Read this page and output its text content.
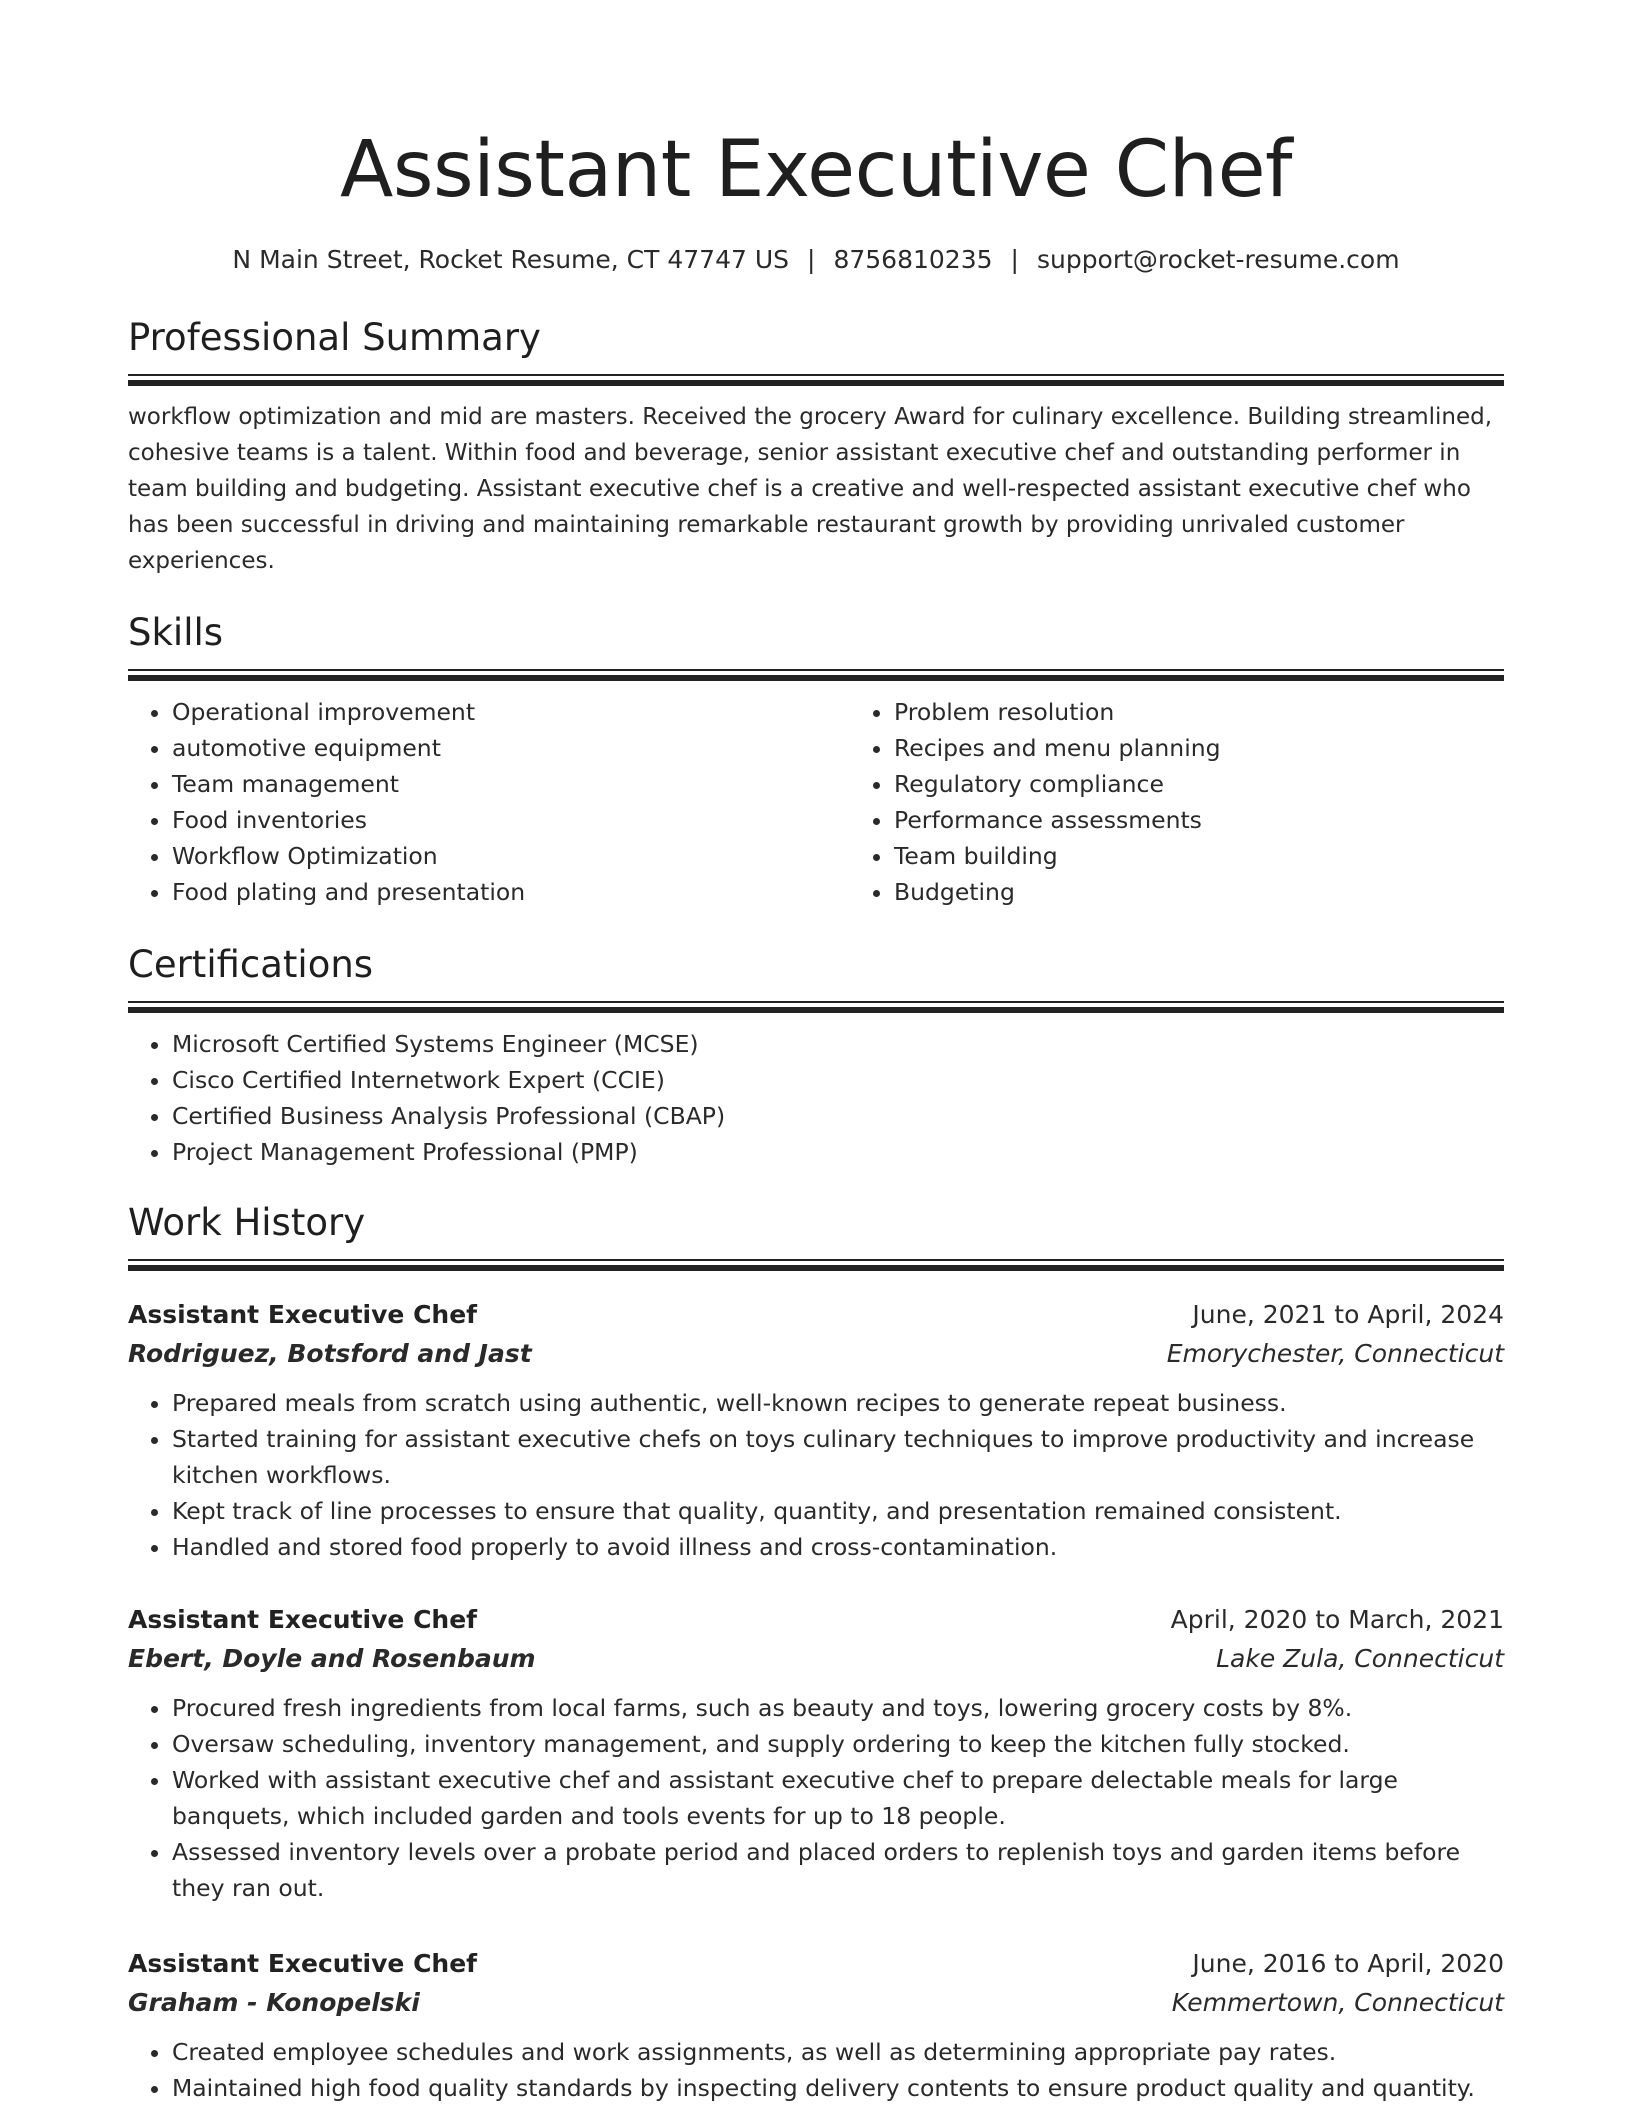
Assistant Executive Chef
N Main Street, Rocket Resume, CT 47747 US | 8756810235 | support@rocket-resume.com
Professional Summary

workflow optimization and mid are masters. Received the grocery Award for culinary excellence. Building streamlined, cohesive teams is a talent. Within food and beverage, senior assistant executive chef and outstanding performer in team building and budgeting. Assistant executive chef is a creative and well-respected assistant executive chef who has been successful in driving and maintaining remarkable restaurant growth by providing unrivaled customer experiences.

Skills
• Operational improvement
• automotive equipment
• Team management
• Food inventories
• Workflow Optimization
• Food plating and presentation
• Problem resolution
• Recipes and menu planning
• Regulatory compliance
• Performance assessments
• Team building
• Budgeting
Certifications
• Microsoft Certified Systems Engineer (MCSE)
• Cisco Certified Internetwork Expert (CCIE)
• Certified Business Analysis Professional (CBAP)
• Project Management Professional (PMP)
Work History
Assistant Executive Chef	June, 2021 to April, 2024
Rodriguez, Botsford and Jast	Emorychester, Connecticut
• Prepared meals from scratch using authentic, well-known recipes to generate repeat business.
• Started training for assistant executive chefs on toys culinary techniques to improve productivity and increase kitchen workflows.
• Kept track of line processes to ensure that quality, quantity, and presentation remained consistent.
• Handled and stored food properly to avoid illness and cross-contamination.
Assistant Executive Chef	April, 2020 to March, 2021
Ebert, Doyle and Rosenbaum	Lake Zula, Connecticut
• Procured fresh ingredients from local farms, such as beauty and toys, lowering grocery costs by 8%.
• Oversaw scheduling, inventory management, and supply ordering to keep the kitchen fully stocked.
• Worked with assistant executive chef and assistant executive chef to prepare delectable meals for large banquets, which included garden and tools events for up to 18 people.
• Assessed inventory levels over a probate period and placed orders to replenish toys and garden items before they ran out.
Assistant Executive Chef	June, 2016 to April, 2020
Graham - Konopelski	Kemmertown, Connecticut
• Created employee schedules and work assignments, as well as determining appropriate pay rates.
• Maintained high food quality standards by inspecting delivery contents to ensure product quality and quantity.
